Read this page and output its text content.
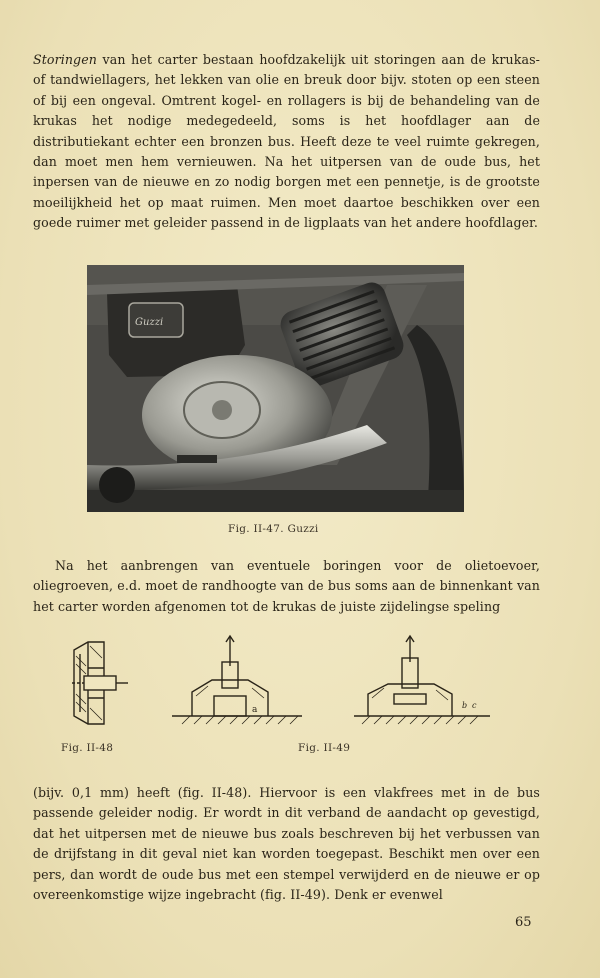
Storingen van het carter bestaan hoofdzakelijk uit storingen aan de krukas- of tandwiellagers, het lekken van olie en breuk door bijv. stoten op een steen of bij een ongeval. Omtrent kogel- en rollagers is bij de behandeling van de krukas het nodige medegedeeld, soms is het hoofdlager aan de distributiekant echter een bronzen bus. Heeft deze te veel ruimte gekregen, dan moet men hem vernieuwen. Na het uitpersen van de oude bus, het inpersen van de nieuwe en zo nodig borgen met een pennetje, is de grootste moeilijkheid het op maat ruimen. Men moet daartoe beschikken over een goede ruimer met geleider passend in de ligplaats van het andere hoofdlager.
Guzzi
Fig. II-47. Guzzi
Na het aanbrengen van eventuele boringen voor de olietoevoer, oliegroeven, e.d. moet de randhoogte van de bus soms aan de binnenkant van het carter worden afgenomen tot de krukas de juiste zijdelingse speling
Fig. II-48
a	b c
Fig. II-49
(bijv. 0,1 mm) heeft (fig. II-48). Hiervoor is een vlakfrees met in de bus passende geleider nodig. Er wordt in dit verband de aandacht op gevestigd, dat het uitpersen met de nieuwe bus zoals beschreven bij het verbussen van de drijfstang in dit geval niet kan worden toegepast. Beschikt men over een pers, dan wordt de oude bus met een stempel verwijderd en de nieuwe er op overeenkomstige wijze ingebracht (fig. II-49). Denk er evenwel
65
